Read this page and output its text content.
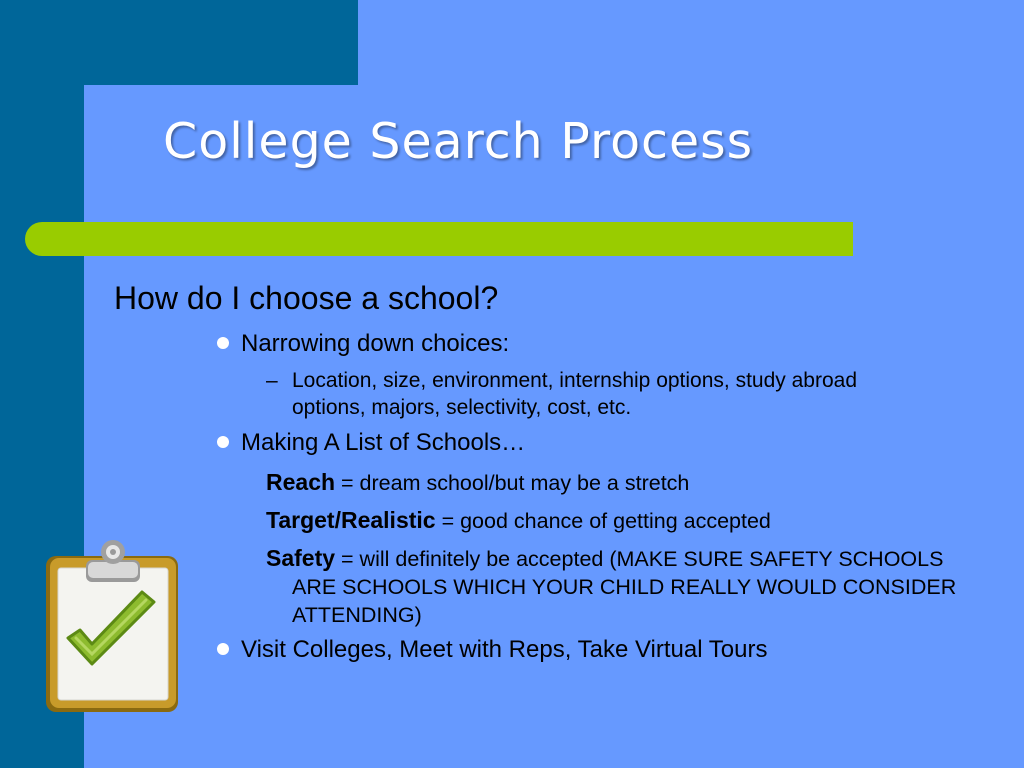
College Search Process
How do I choose a school?
Narrowing down choices:
– Location, size, environment, internship options, study abroad options, majors, selectivity, cost, etc.
Making A List of Schools…
Reach = dream school/but may be a stretch
Target/Realistic = good chance of getting accepted
Safety = will definitely be accepted (MAKE SURE SAFETY SCHOOLS ARE SCHOOLS WHICH YOUR CHILD REALLY WOULD CONSIDER ATTENDING)
Visit Colleges, Meet with Reps, Take Virtual Tours
